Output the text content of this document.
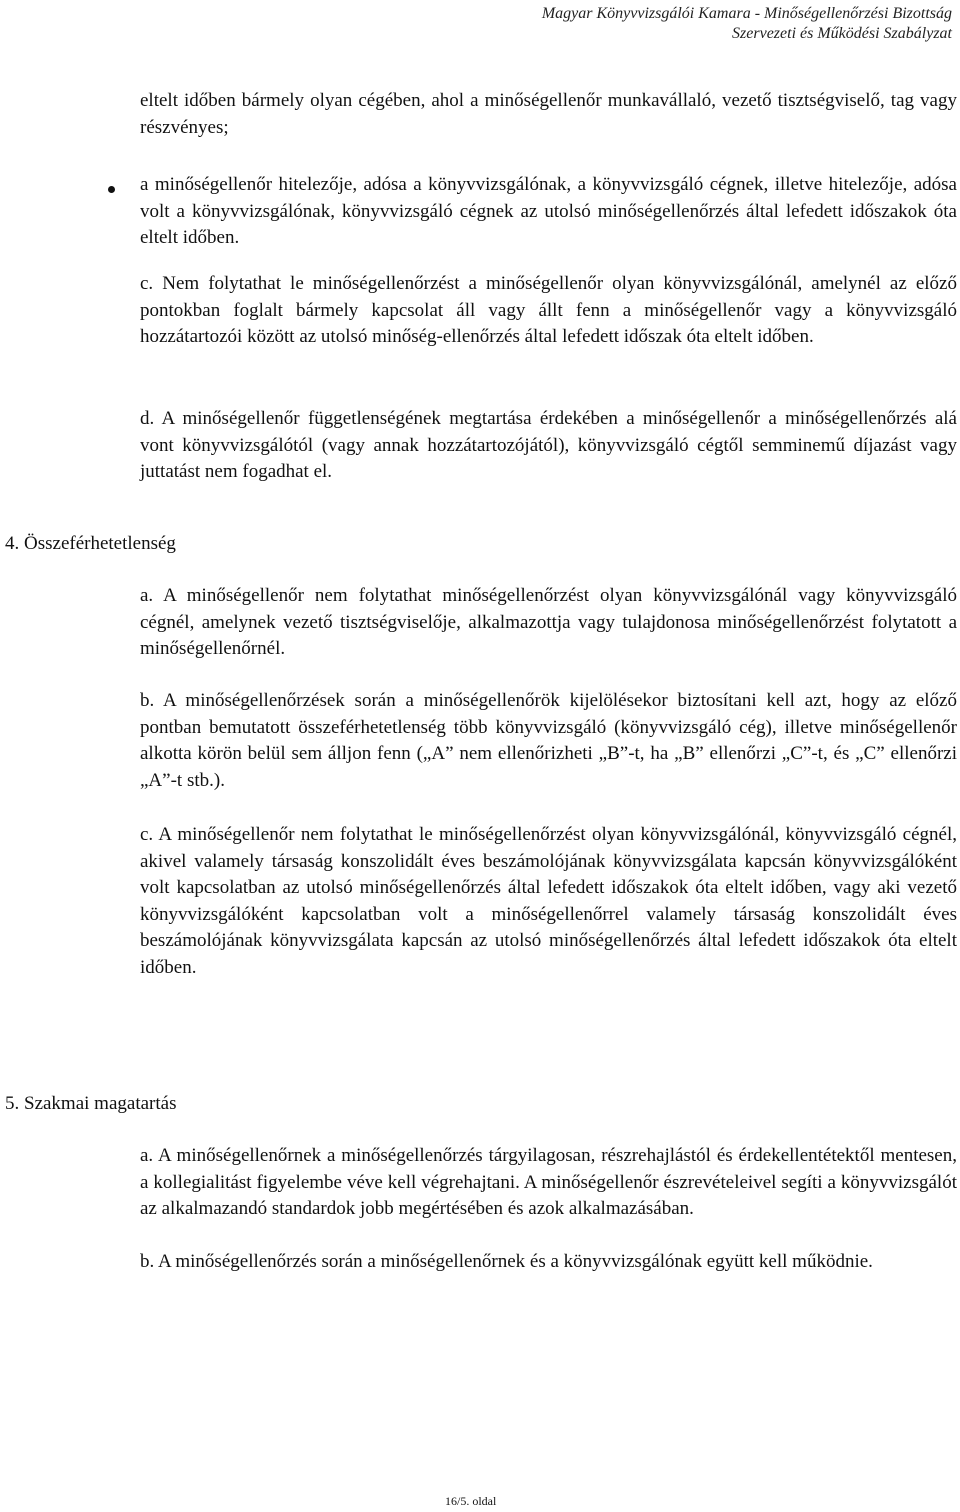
Magyar Könyvvizsgálói Kamara - Minőségellenőrzési Bizottság
Szervezeti és Működési Szabályzat
eltelt időben bármely olyan cégében, ahol a minőségellenőr munkavállaló, vezető tisztségviselő, tag vagy részvényes;
a minőségellenőr hitelezője, adósa a könyvvizsgálónak, a könyvvizsgáló cégnek, illetve hitelezője, adósa volt a könyvvizsgálónak, könyvvizsgáló cégnek az utolsó minőségellenőrzés által lefedett időszakok óta eltelt időben.
c. Nem folytathat le minőségellenőrzést a minőségellenőr olyan könyvvizsgálónál, amelynél az előző pontokban foglalt bármely kapcsolat áll vagy állt fenn a minőségellenőr vagy a könyvvizsgáló hozzátartozói között az utolsó minőség-ellenőrzés által lefedett időszak óta eltelt időben.
d. A minőségellenőr függetlenségének megtartása érdekében a minőségellenőr a minőségellenőrzés alá vont könyvvizsgálótól (vagy annak hozzátartozójától), könyvvizsgáló cégtől semminemű díjazást vagy juttatást nem fogadhat el.
4. Összeférhetetlenség
a. A minőségellenőr nem folytathat minőségellenőrzést olyan könyvvizsgálónál vagy könyvvizsgáló cégnél, amelynek vezető tisztségviselője, alkalmazottja vagy tulajdonosa minőségellenőrzést folytatott a minőségellenőrnél.
b. A minőségellenőrzések során a minőségellenőrök kijelölésekor biztosítani kell azt, hogy az előző pontban bemutatott összeférhetetlenség több könyvvizsgáló (könyvvizsgáló cég), illetve minőségellenőr alkotta körön belül sem álljon fenn („A” nem ellenőrizheti „B”-t, ha „B” ellenőrzi „C”-t, és „C” ellenőrzi „A”-t stb.).
c. A minőségellenőr nem folytathat le minőségellenőrzést olyan könyvvizsgálónál, könyvvizsgáló cégnél, akivel valamely társaság konszolidált éves beszámolójának könyvvizsgálata kapcsán könyvvizsgálóként volt kapcsolatban az utolsó minőségellenőrzés által lefedett időszakok óta eltelt időben, vagy aki vezető könyvvizsgálóként kapcsolatban volt a minőségellenőrrel valamely társaság konszolidált éves beszámolójának könyvvizsgálata kapcsán az utolsó minőségellenőrzés által lefedett időszakok óta eltelt időben.
5. Szakmai magatartás
a. A minőségellenőrnek a minőségellenőrzés tárgyilagosan, részrehajlástól és érdekellentétektől mentesen, a kollegialitást figyelembe véve kell végrehajtani. A minőségellenőr észrevételeivel segíti a könyvvizsgálót az alkalmazandó standardok jobb megértésében és azok alkalmazásában.
b. A minőségellenőrzés során a minőségellenőrnek és a könyvvizsgálónak együtt kell működnie.
16/5. oldal
